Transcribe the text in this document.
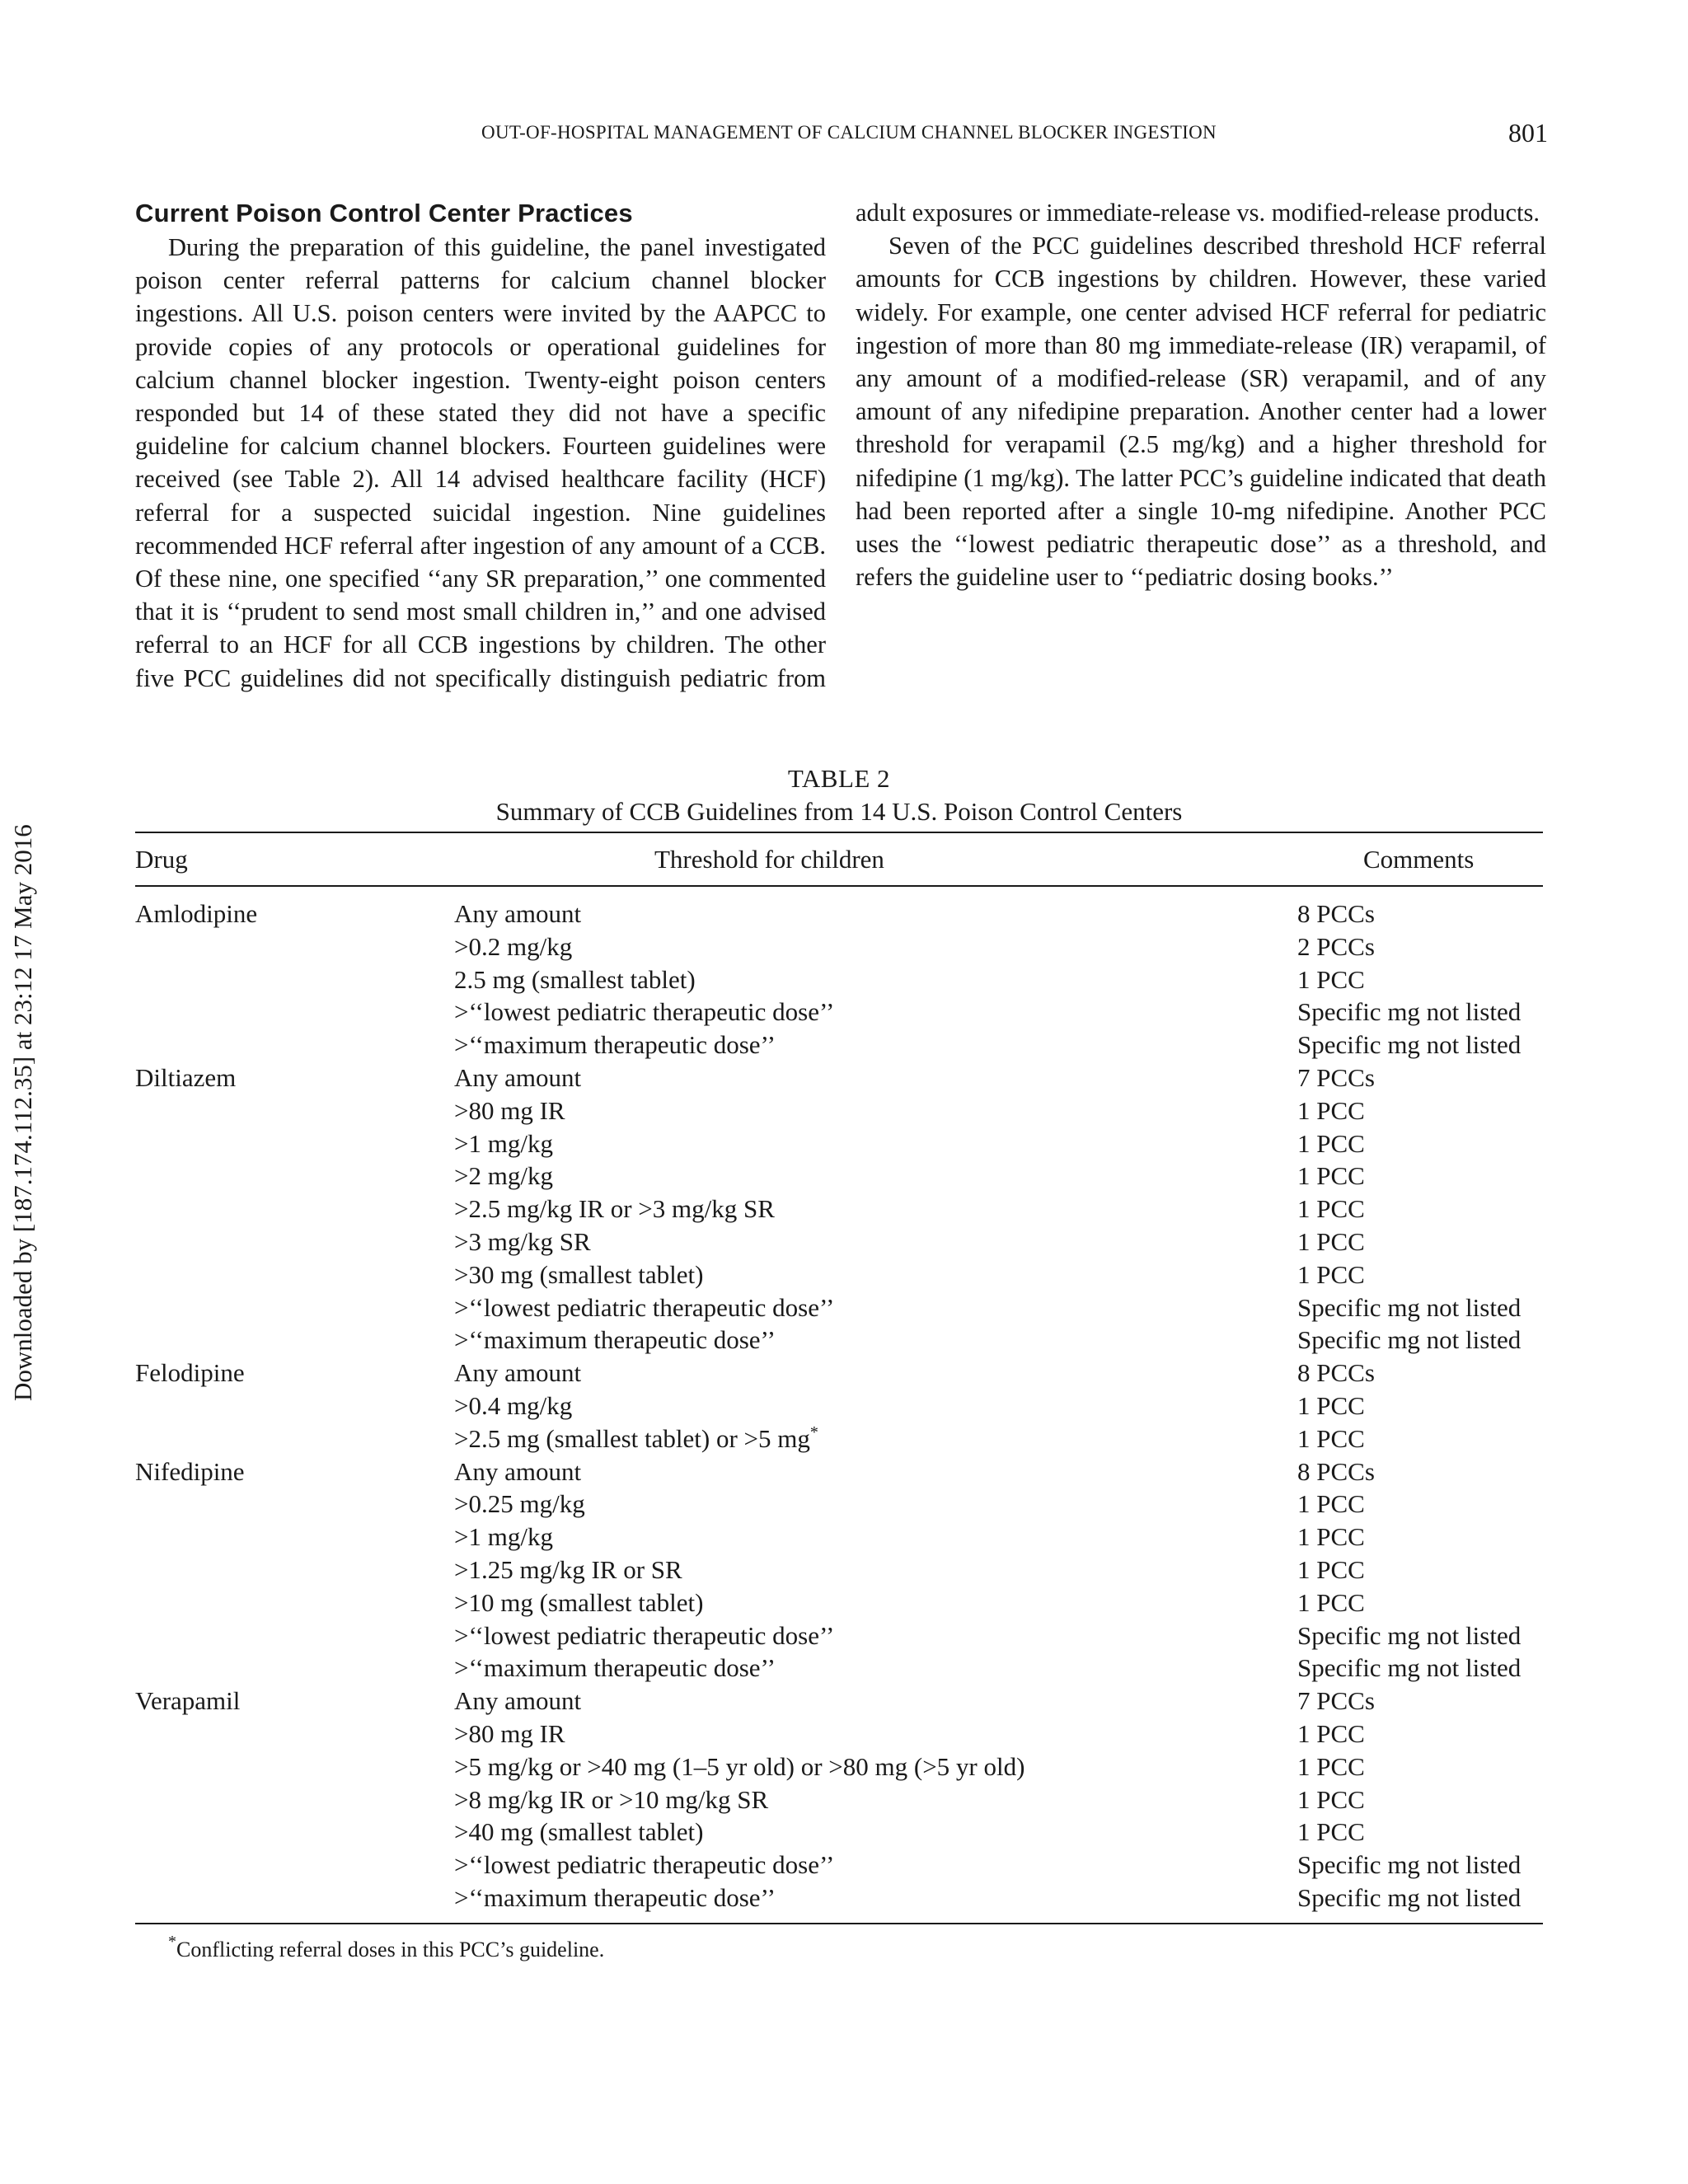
OUT-OF-HOSPITAL MANAGEMENT OF CALCIUM CHANNEL BLOCKER INGESTION	801
Downloaded by [187.174.112.35] at 23:12 17 May 2016
Current Poison Control Center Practices

During the preparation of this guideline, the panel investigated poison center referral patterns for calcium channel blocker ingestions. All U.S. poison centers were invited by the AAPCC to provide copies of any protocols or operational guidelines for calcium channel blocker ingestion. Twenty-eight poison centers responded but 14 of these stated they did not have a specific guideline for calcium channel blockers. Fourteen guidelines were received (see Table 2). All 14 advised healthcare facility (HCF) referral for a suspected suicidal ingestion. Nine guidelines recommended HCF referral after ingestion of any amount of a CCB. Of these nine, one specified ‘‘any SR preparation,’’ one commented that it is ‘‘prudent to send most small children in,’’ and one advised referral to an HCF for all CCB ingestions by children. The other five PCC guidelines did not specifically distinguish pediatric from

adult exposures or immediate-release vs. modified-release products.

Seven of the PCC guidelines described threshold HCF referral amounts for CCB ingestions by children. However, these varied widely. For example, one center advised HCF referral for pediatric ingestion of more than 80 mg immediate-release (IR) verapamil, of any amount of a modified-release (SR) verapamil, and of any amount of any nifedipine preparation. Another center had a lower threshold for verapamil (2.5 mg/kg) and a higher threshold for nifedipine (1 mg/kg). The latter PCC’s guideline indicated that death had been reported after a single 10-mg nifedipine. Another PCC uses the ‘‘lowest pediatric therapeutic dose’’ as a threshold, and refers the guideline user to ‘‘pediatric dosing books.’’

TABLE 2
Summary of CCB Guidelines from 14 U.S. Poison Control Centers
Drug	Threshold for children	Comments
Amlodipine	Any amount	8 PCCs
>0.2 mg/kg	2 PCCs
2.5 mg (smallest tablet)	1 PCC
>‘‘lowest pediatric therapeutic dose’’	Specific mg not listed
>‘‘maximum therapeutic dose’’	Specific mg not listed
Diltiazem	Any amount	7 PCCs
>80 mg IR	1 PCC
>1 mg/kg	1 PCC
>2 mg/kg	1 PCC
>2.5 mg/kg IR or >3 mg/kg SR	1 PCC
>3 mg/kg SR	1 PCC
>30 mg (smallest tablet)	1 PCC
>‘‘lowest pediatric therapeutic dose’’	Specific mg not listed
>‘‘maximum therapeutic dose’’	Specific mg not listed
Felodipine	Any amount	8 PCCs
>0.4 mg/kg	1 PCC
>2.5 mg (smallest tablet) or >5 mg*	1 PCC
Nifedipine	Any amount	8 PCCs
>0.25 mg/kg	1 PCC
>1 mg/kg	1 PCC
>1.25 mg/kg IR or SR	1 PCC
>10 mg (smallest tablet)	1 PCC
>‘‘lowest pediatric therapeutic dose’’	Specific mg not listed
>‘‘maximum therapeutic dose’’	Specific mg not listed
Verapamil	Any amount	7 PCCs
>80 mg IR	1 PCC
>5 mg/kg or >40 mg (1–5 yr old) or >80 mg (>5 yr old)	1 PCC
>8 mg/kg IR or >10 mg/kg SR	1 PCC
>40 mg (smallest tablet)	1 PCC
>‘‘lowest pediatric therapeutic dose’’	Specific mg not listed
>‘‘maximum therapeutic dose’’	Specific mg not listed
*Conflicting referral doses in this PCC’s guideline.
